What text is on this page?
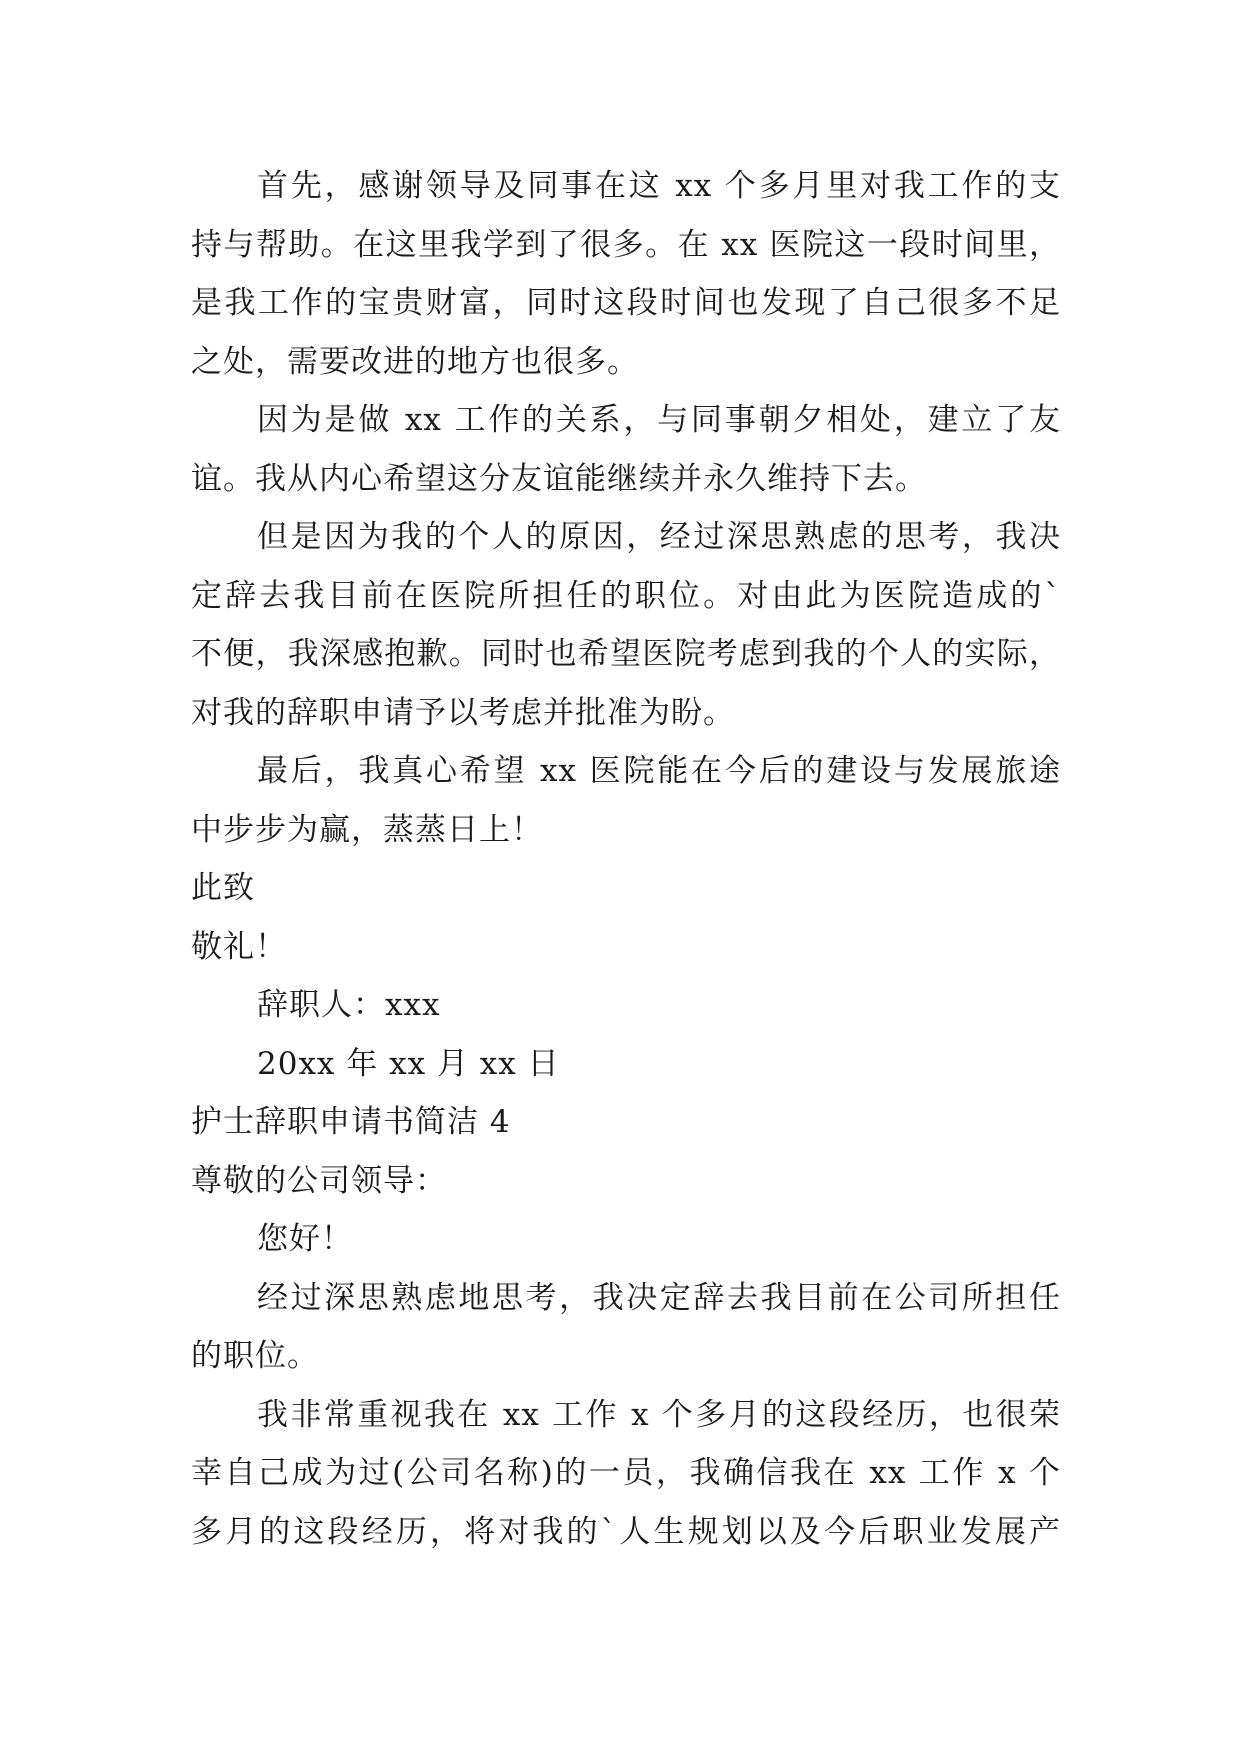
首先，感谢领导及同事在这 xx 个多月里对我工作的支
持与帮助。在这里我学到了很多。在 xx 医院这一段时间里，
是我工作的宝贵财富，同时这段时间也发现了自己很多不足
之处，需要改进的地方也很多。
因为是做 xx 工作的关系，与同事朝夕相处，建立了友
谊。我从内心希望这分友谊能继续并永久维持下去。
但是因为我的个人的原因，经过深思熟虑的思考，我决
定辞去我目前在医院所担任的职位。对由此为医院造成的`
不便，我深感抱歉。同时也希望医院考虑到我的个人的实际，
对我的辞职申请予以考虑并批准为盼。
最后，我真心希望 xx 医院能在今后的建设与发展旅途
中步步为赢，蒸蒸日上！
此致
敬礼！
辞职人：xxx
20xx 年 xx 月 xx 日
护士辞职申请书简洁 4
尊敬的公司领导：
您好！
经过深思熟虑地思考，我决定辞去我目前在公司所担任
的职位。
我非常重视我在 xx 工作 x 个多月的这段经历，也很荣
幸自己成为过(公司名称)的一员，我确信我在 xx 工作 x 个
多月的这段经历，将对我的`人生规划以及今后职业发展产
